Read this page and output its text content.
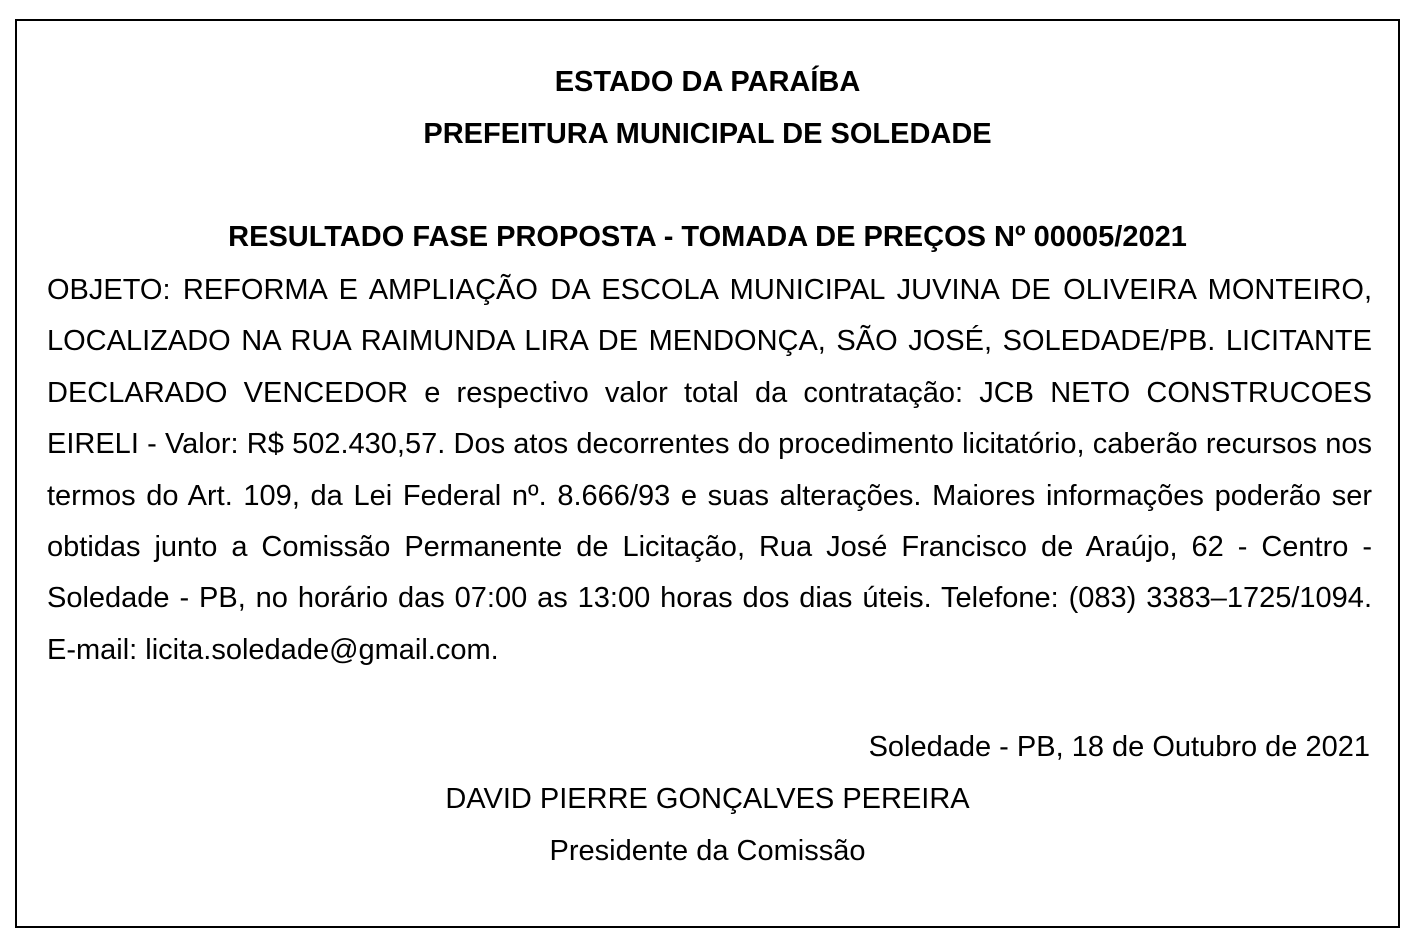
ESTADO DA PARAÍBA

PREFEITURA MUNICIPAL DE SOLEDADE

RESULTADO FASE PROPOSTA - TOMADA DE PREÇOS Nº 00005/2021

OBJETO: REFORMA E AMPLIAÇÃO DA ESCOLA MUNICIPAL JUVINA DE OLIVEIRA MONTEIRO, LOCALIZADO NA RUA RAIMUNDA LIRA DE MENDONÇA, SÃO JOSÉ, SOLEDADE/PB. LICITANTE DECLARADO VENCEDOR e respectivo valor total da contratação: JCB NETO CONSTRUCOES EIRELI - Valor: R$ 502.430,57. Dos atos decorrentes do procedimento licitatório, caberão recursos nos termos do Art. 109, da Lei Federal nº. 8.666/93 e suas alterações. Maiores informações poderão ser obtidas junto a Comissão Permanente de Licitação, Rua José Francisco de Araújo, 62 - Centro - Soledade - PB, no horário das 07:00 as 13:00 horas dos dias úteis. Telefone: (083) 3383–1725/1094. E-mail: licita.soledade@gmail.com.

Soledade - PB, 18 de Outubro de 2021

DAVID PIERRE GONÇALVES PEREIRA

Presidente da Comissão
